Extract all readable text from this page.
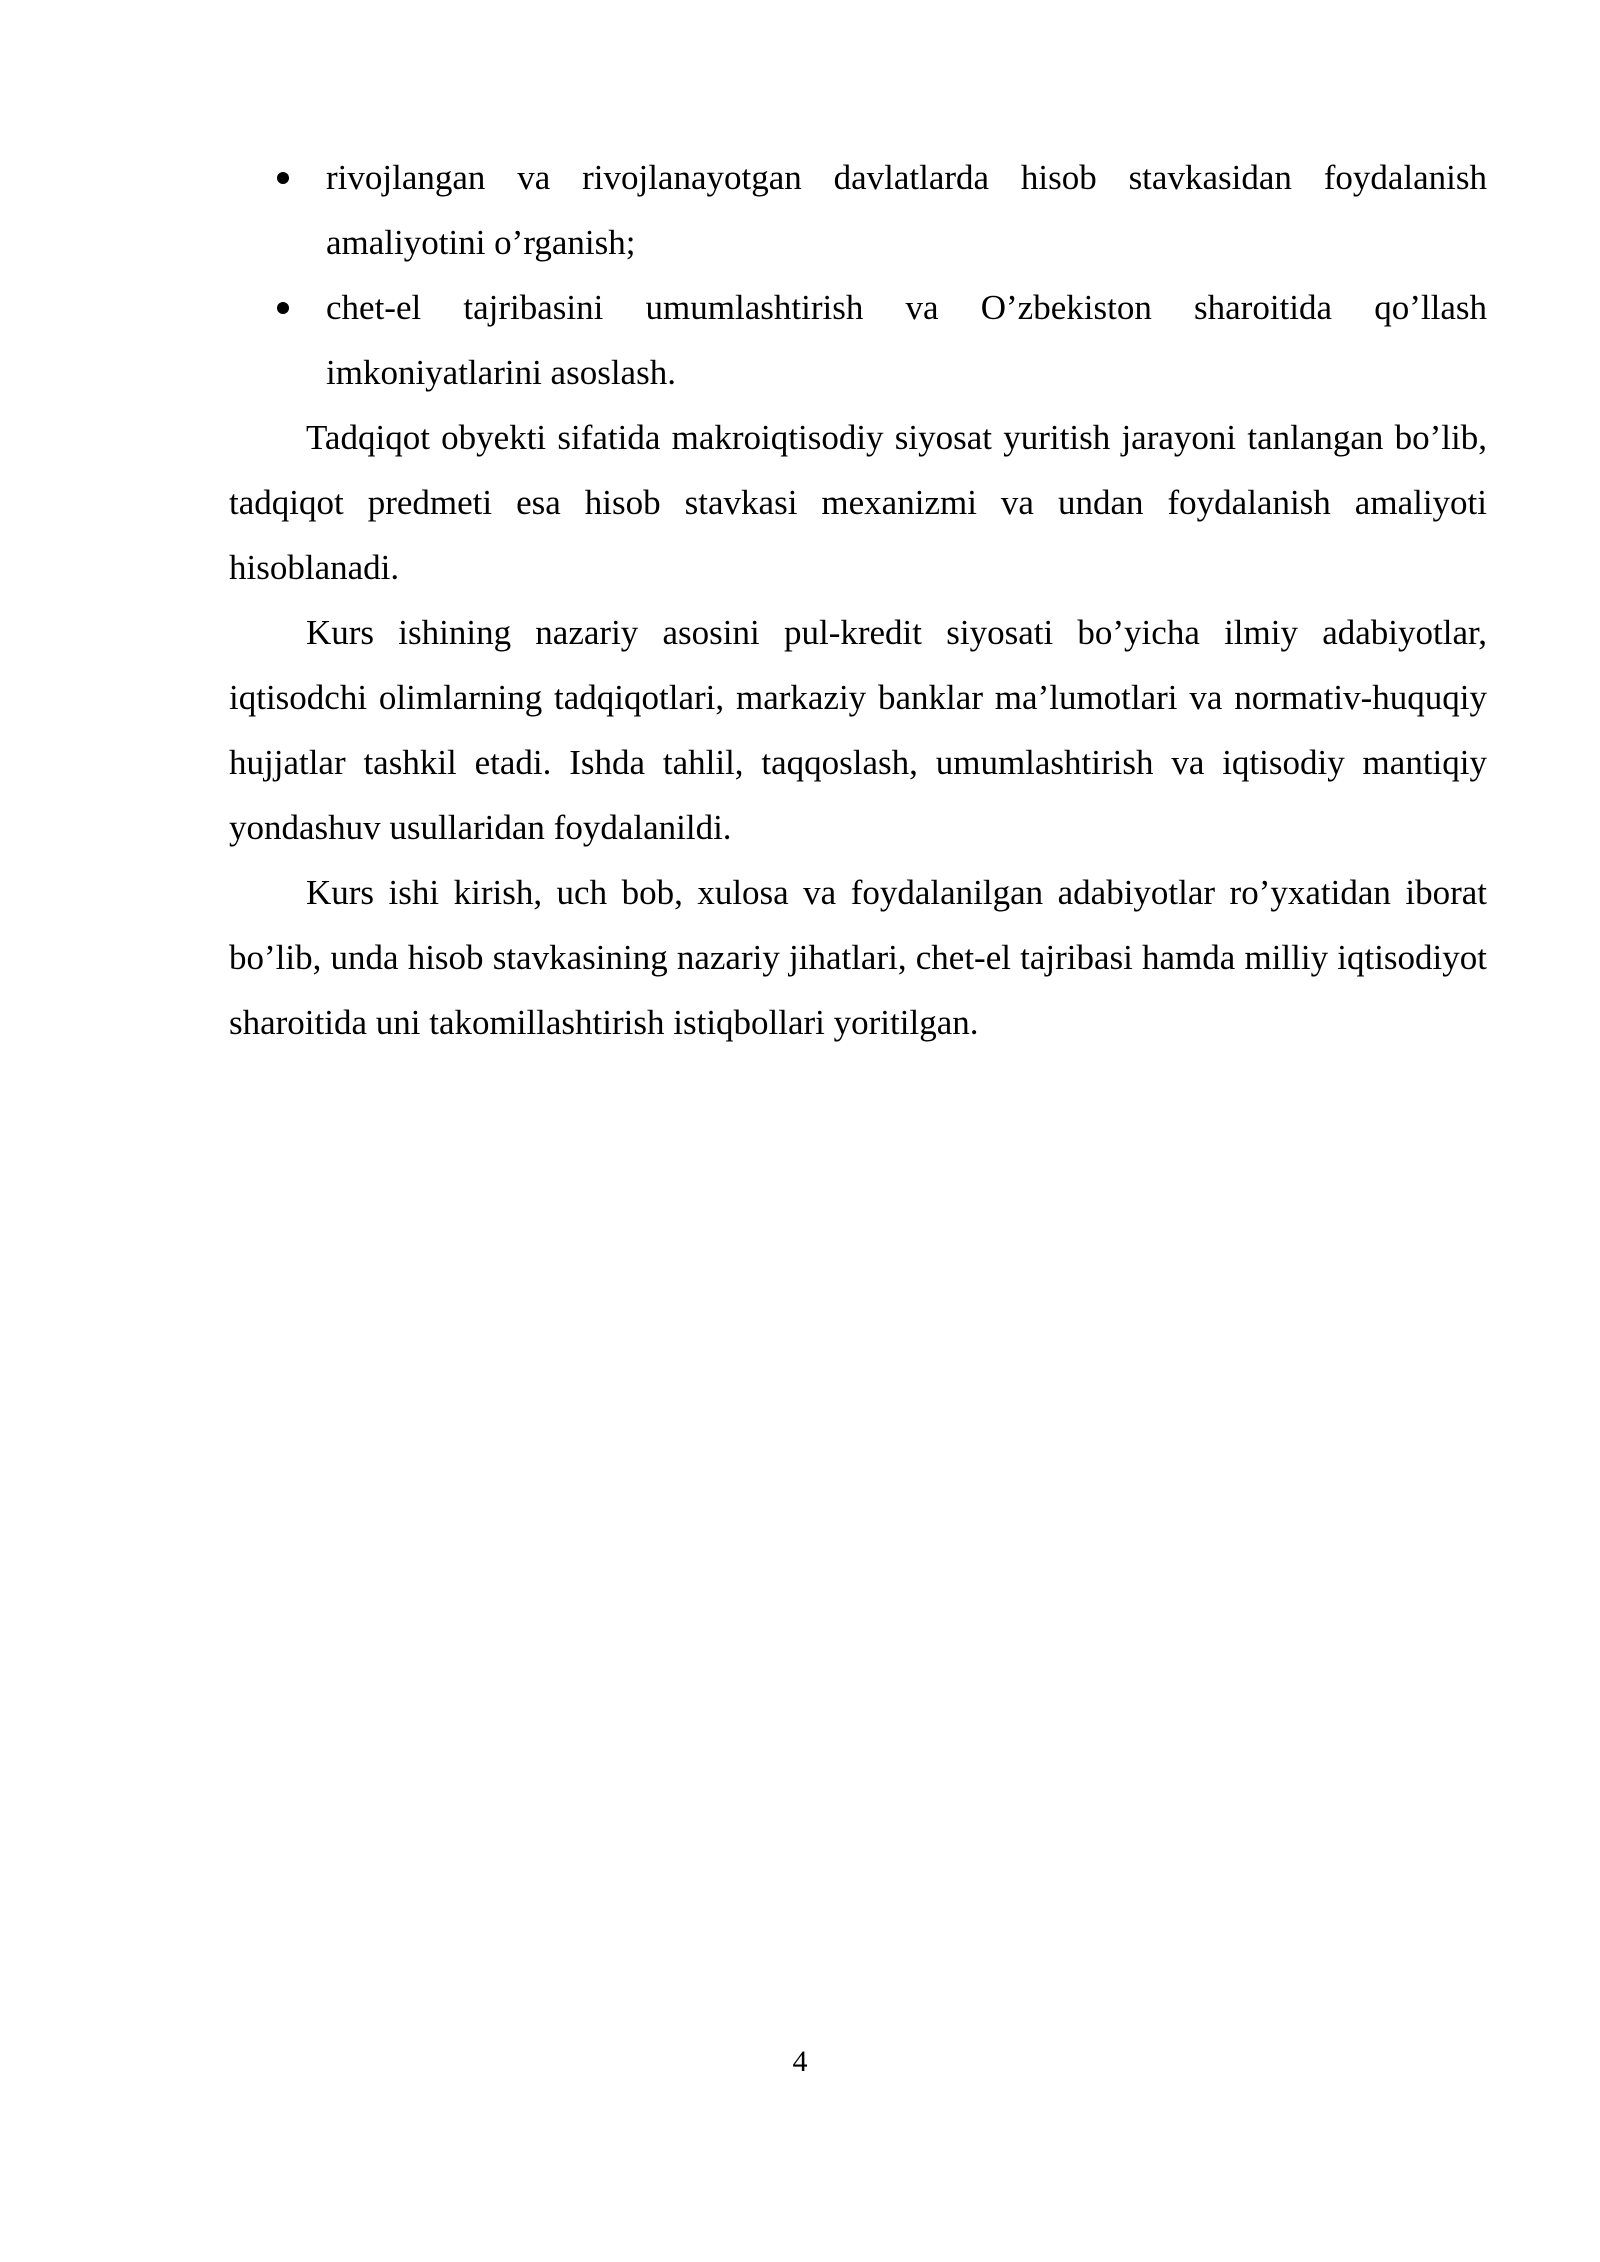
rivojlangan va rivojlanayotgan davlatlarda hisob stavkasidan foydalanish amaliyotini o’rganish;
chet-el tajribasini umumlashtirish va O’zbekiston sharoitida qo’llash imkoniyatlarini asoslash.

Tadqiqot obyekti sifatida makroiqtisodiy siyosat yuritish jarayoni tanlangan bo’lib, tadqiqot predmeti esa hisob stavkasi mexanizmi va undan foydalanish amaliyoti hisoblanadi.

Kurs ishining nazariy asosini pul-kredit siyosati bo’yicha ilmiy adabiyotlar, iqtisodchi olimlarning tadqiqotlari, markaziy banklar ma’lumotlari va normativ-huquqiy hujjatlar tashkil etadi. Ishda tahlil, taqqoslash, umumlashtirish va iqtisodiy mantiqiy yondashuv usullaridan foydalanildi.

Kurs ishi kirish, uch bob, xulosa va foydalanilgan adabiyotlar ro’yxatidan iborat bo’lib, unda hisob stavkasining nazariy jihatlari, chet-el tajribasi hamda milliy iqtisodiyot sharoitida uni takomillashtirish istiqbollari yoritilgan.

4
